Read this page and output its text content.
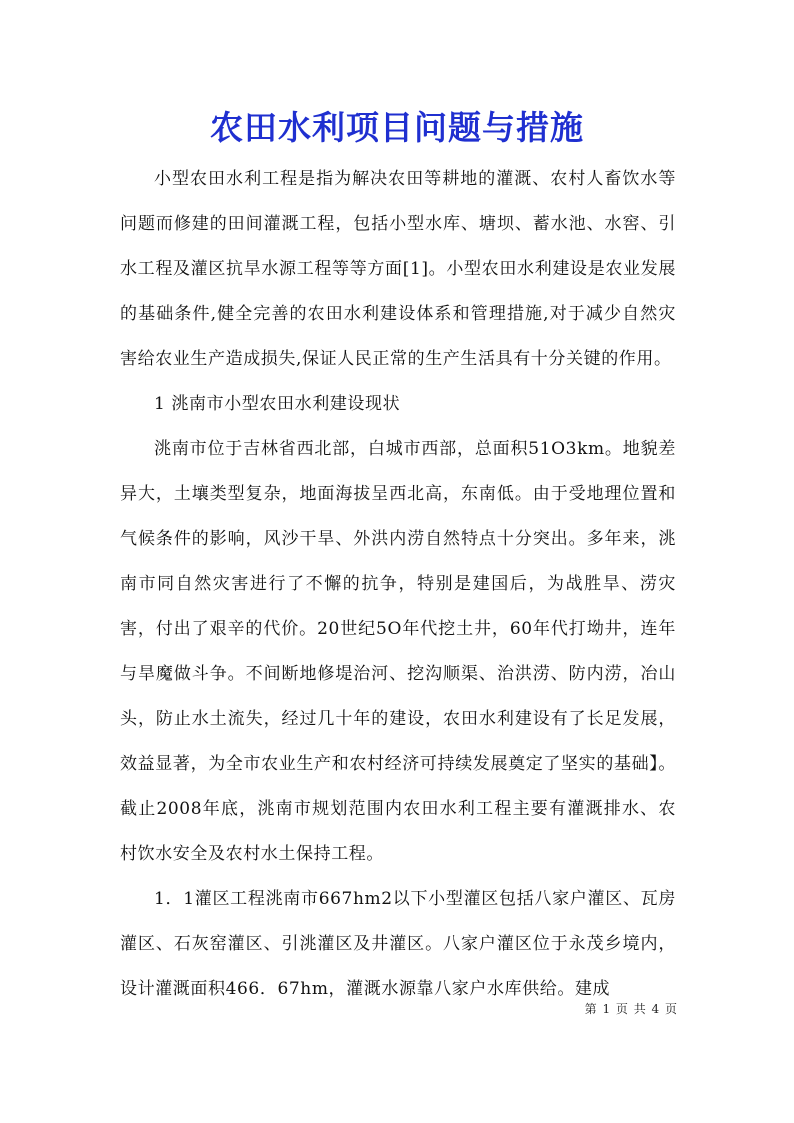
农田水利项目问题与措施

小型农田水利工程是指为解决农田等耕地的灌溉、农村人畜饮水等问题而修建的田间灌溉工程，包括小型水库、塘坝、蓄水池、水窖、引水工程及灌区抗旱水源工程等等方面[1]。小型农田水利建设是农业发展的基础条件,健全完善的农田水利建设体系和管理措施,对于减少自然灾害给农业生产造成损失,保证人民正常的生产生活具有十分关键的作用。

1 洮南市小型农田水利建设现状

洮南市位于吉林省西北部，白城市西部，总面积51O3km。地貌差异大，土壤类型复杂，地面海拔呈西北高，东南低。由于受地理位置和气候条件的影响，风沙干旱、外洪内涝自然特点十分突出。多年来，洮南市同自然灾害进行了不懈的抗争，特别是建国后，为战胜旱、涝灾害，付出了艰辛的代价。20世纪5O年代挖土井，60年代打坳井，连年与旱魔做斗争。不间断地修堤治河、挖沟顺渠、治洪涝、防内涝，冶山头，防止水土流失，经过几十年的建设，农田水利建设有了长足发展，效益显著，为全市农业生产和农村经济可持续发展奠定了坚实的基础】。截止2008年底，洮南市规划范围内农田水利工程主要有灌溉排水、农村饮水安全及农村水土保持工程。

1．1灌区工程洮南市667hm2以下小型灌区包括八家户灌区、瓦房灌区、石灰窑灌区、引洮灌区及井灌区。八家户灌区位于永茂乡境内，设计灌溉面积466．67hm，灌溉水源靠八家户水库供给。建成

第 1 页 共 4 页
